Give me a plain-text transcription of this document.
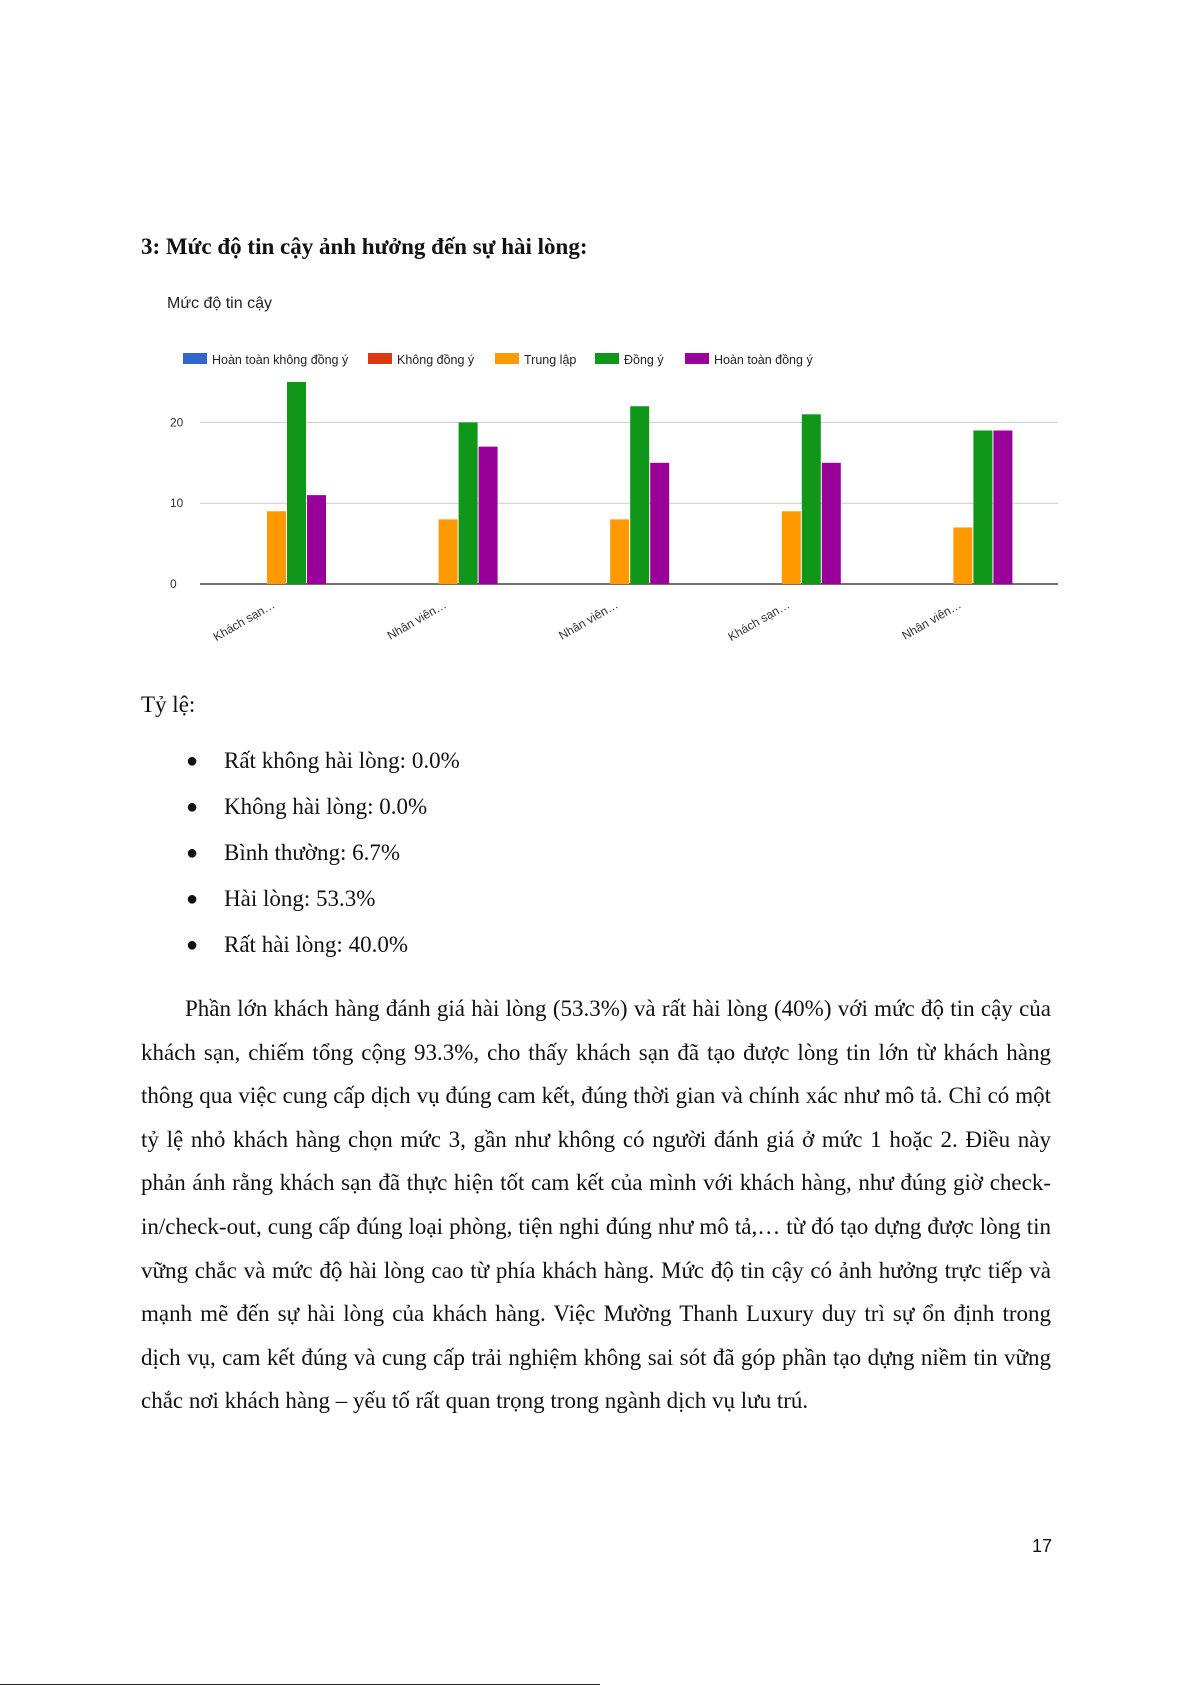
3: Mức độ tin cậy ảnh hưởng đến sự hài lòng:
Mức độ tin cậy
Hoàn toàn không đồng ý	Không đồng ý	Trung lập	Đồng ý	Hoàn toàn đồng ý
0
10
20
Khách sạn…	Nhân viên…	Nhân viên…	Khách sạn…	Nhân viên…

Tỷ lệ:

● Rất không hài lòng: 0.0%
● Không hài lòng: 0.0%
● Bình thường: 6.7%
● Hài lòng: 53.3%
● Rất hài lòng: 40.0%

Phần lớn khách hàng đánh giá hài lòng (53.3%) và rất hài lòng (40%) với mức độ tin cậy của khách sạn, chiếm tổng cộng 93.3%, cho thấy khách sạn đã tạo được lòng tin lớn từ khách hàng thông qua việc cung cấp dịch vụ đúng cam kết, đúng thời gian và chính xác như mô tả. Chỉ có một tỷ lệ nhỏ khách hàng chọn mức 3, gần như không có người đánh giá ở mức 1 hoặc 2. Điều này phản ánh rằng khách sạn đã thực hiện tốt cam kết của mình với khách hàng, như đúng giờ check-in/check-out, cung cấp đúng loại phòng, tiện nghi đúng như mô tả,… từ đó tạo dựng được lòng tin vững chắc và mức độ hài lòng cao từ phía khách hàng. Mức độ tin cậy có ảnh hưởng trực tiếp và mạnh mẽ đến sự hài lòng của khách hàng. Việc Mường Thanh Luxury duy trì sự ổn định trong dịch vụ, cam kết đúng và cung cấp trải nghiệm không sai sót đã góp phần tạo dựng niềm tin vững chắc nơi khách hàng – yếu tố rất quan trọng trong ngành dịch vụ lưu trú.

17
